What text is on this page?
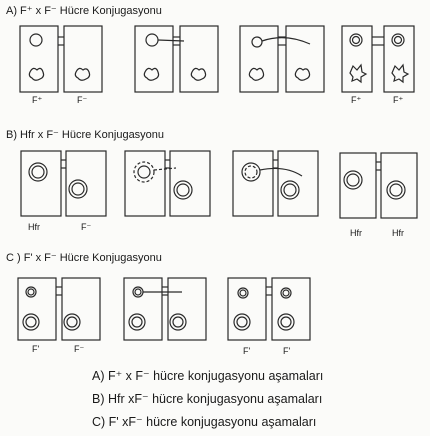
A) F⁺ x F⁻ Hücre Konjugasyonu
B) Hfr x F⁻ Hücre Konjugasyonu
C ) F' x F⁻ Hücre Konjugasyonu
F⁺	F⁻	F⁺	F⁺
Hfr	F⁻
Hfr	Hfr
F'	F⁻	F'	F'
A) F⁺ x F⁻ hücre konjugasyonu aşamaları
B) Hfr xF⁻ hücre konjugasyonu aşamaları
C) F' xF⁻ hücre konjugasyonu aşamaları
